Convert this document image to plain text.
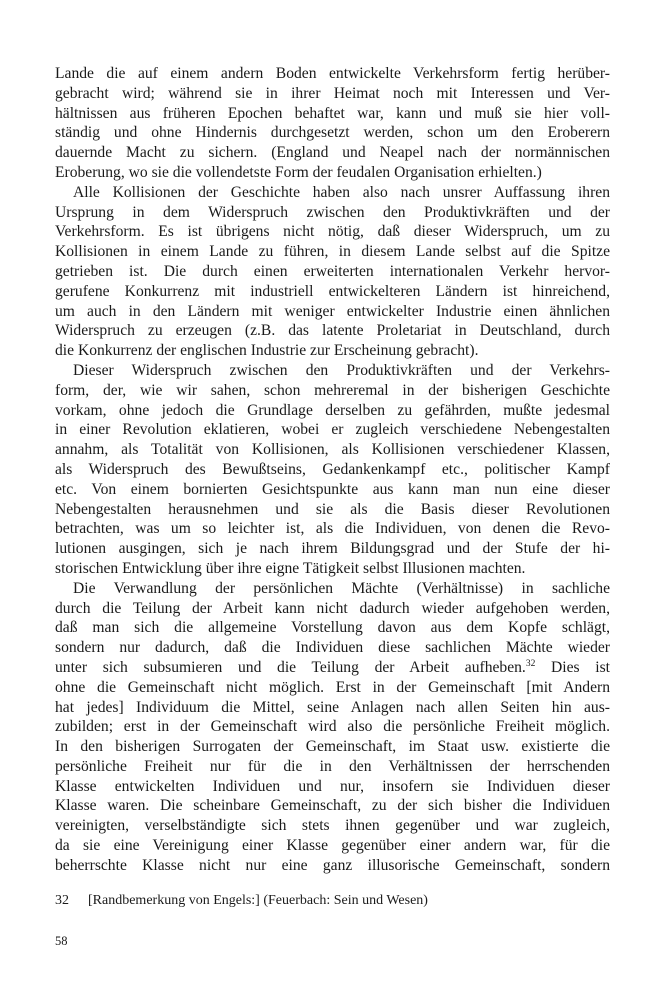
Lande die auf einem andern Boden entwickelte Verkehrsform fertig herüber-
gebracht wird; während sie in ihrer Heimat noch mit Interessen und Ver-
hältnissen aus früheren Epochen behaftet war, kann und muß sie hier voll-
ständig und ohne Hindernis durchgesetzt werden, schon um den Eroberern
dauernde Macht zu sichern. (England und Neapel nach der normännischen
Eroberung, wo sie die vollendetste Form der feudalen Organisation erhielten.)
Alle Kollisionen der Geschichte haben also nach unsrer Auffassung ihren
Ursprung in dem Widerspruch zwischen den Produktivkräften und der
Verkehrsform. Es ist übrigens nicht nötig, daß dieser Widerspruch, um zu
Kollisionen in einem Lande zu führen, in diesem Lande selbst auf die Spitze
getrieben ist. Die durch einen erweiterten internationalen Verkehr hervor-
gerufene Konkurrenz mit industriell entwickelteren Ländern ist hinreichend,
um auch in den Ländern mit weniger entwickelter Industrie einen ähnlichen
Widerspruch zu erzeugen (z.B. das latente Proletariat in Deutschland, durch
die Konkurrenz der englischen Industrie zur Erscheinung gebracht).
Dieser Widerspruch zwischen den Produktivkräften und der Verkehrs-
form, der, wie wir sahen, schon mehreremal in der bisherigen Geschichte
vorkam, ohne jedoch die Grundlage derselben zu gefährden, mußte jedesmal
in einer Revolution eklatieren, wobei er zugleich verschiedene Nebengestalten
annahm, als Totalität von Kollisionen, als Kollisionen verschiedener Klassen,
als Widerspruch des Bewußtseins, Gedankenkampf etc., politischer Kampf
etc. Von einem bornierten Gesichtspunkte aus kann man nun eine dieser
Nebengestalten herausnehmen und sie als die Basis dieser Revolutionen
betrachten, was um so leichter ist, als die Individuen, von denen die Revo-
lutionen ausgingen, sich je nach ihrem Bildungsgrad und der Stufe der hi-
storischen Entwicklung über ihre eigne Tätigkeit selbst Illusionen machten.
Die Verwandlung der persönlichen Mächte (Verhältnisse) in sachliche
durch die Teilung der Arbeit kann nicht dadurch wieder aufgehoben werden,
daß man sich die allgemeine Vorstellung davon aus dem Kopfe schlägt,
sondern nur dadurch, daß die Individuen diese sachlichen Mächte wieder
unter sich subsumieren und die Teilung der Arbeit aufheben.$^{32}$ Dies ist
ohne die Gemeinschaft nicht möglich. Erst in der Gemeinschaft [mit Andern
hat jedes] Individuum die Mittel, seine Anlagen nach allen Seiten hin aus-
zubilden; erst in der Gemeinschaft wird also die persönliche Freiheit möglich.
In den bisherigen Surrogaten der Gemeinschaft, im Staat usw. existierte die
persönliche Freiheit nur für die in den Verhältnissen der herrschenden
Klasse entwickelten Individuen und nur, insofern sie Individuen dieser
Klasse waren. Die scheinbare Gemeinschaft, zu der sich bisher die Individuen
vereinigten, verselbständigte sich stets ihnen gegenüber und war zugleich,
da sie eine Vereinigung einer Klasse gegenüber einer andern war, für die
beherrschte Klasse nicht nur eine ganz illusorische Gemeinschaft, sondern
32 [Randbemerkung von Engels:] (Feuerbach: Sein und Wesen)
58
